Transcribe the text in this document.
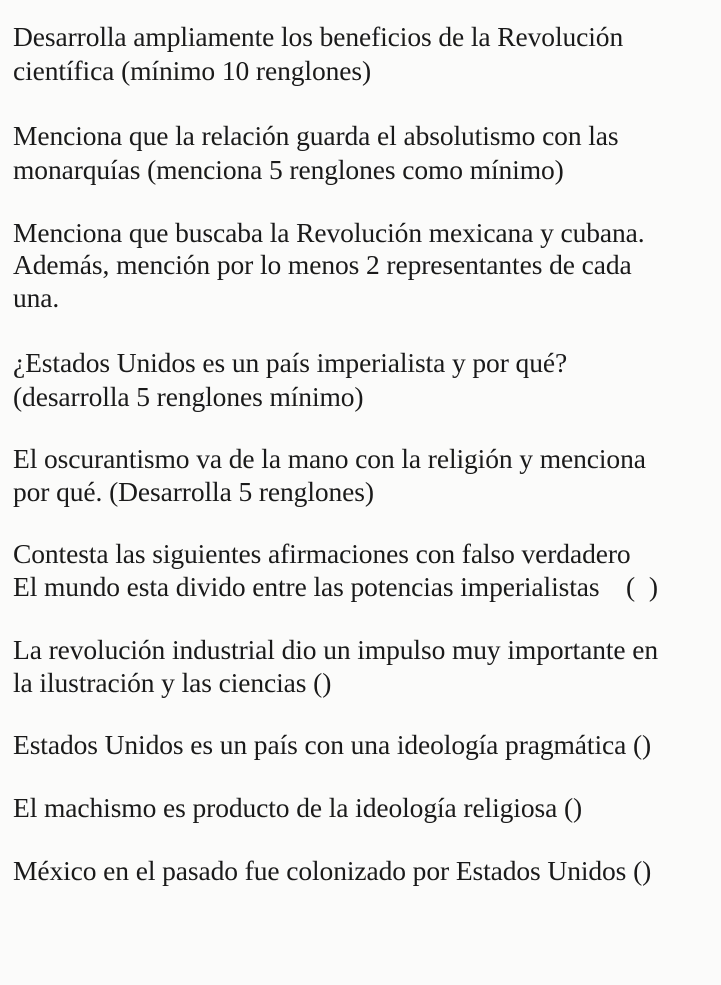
Desarrolla ampliamente los beneficios de la Revolución
científica (mínimo 10 renglones)
Menciona que la relación guarda el absolutismo con las
monarquías (menciona 5 renglones como mínimo)
Menciona que buscaba la Revolución mexicana y cubana.
Además, mención por lo menos 2 representantes de cada
una.
¿Estados Unidos es un país imperialista y por qué?
(desarrolla 5 renglones mínimo)
El oscurantismo va de la mano con la religión y menciona
por qué. (Desarrolla 5 renglones)
Contesta las siguientes afirmaciones con falso verdadero
El mundo esta divido entre las potencias imperialistas (  )
La revolución industrial dio un impulso muy importante en
la ilustración y las ciencias ()
Estados Unidos es un país con una ideología pragmática ()
El machismo es producto de la ideología religiosa ()
México en el pasado fue colonizado por Estados Unidos ()
